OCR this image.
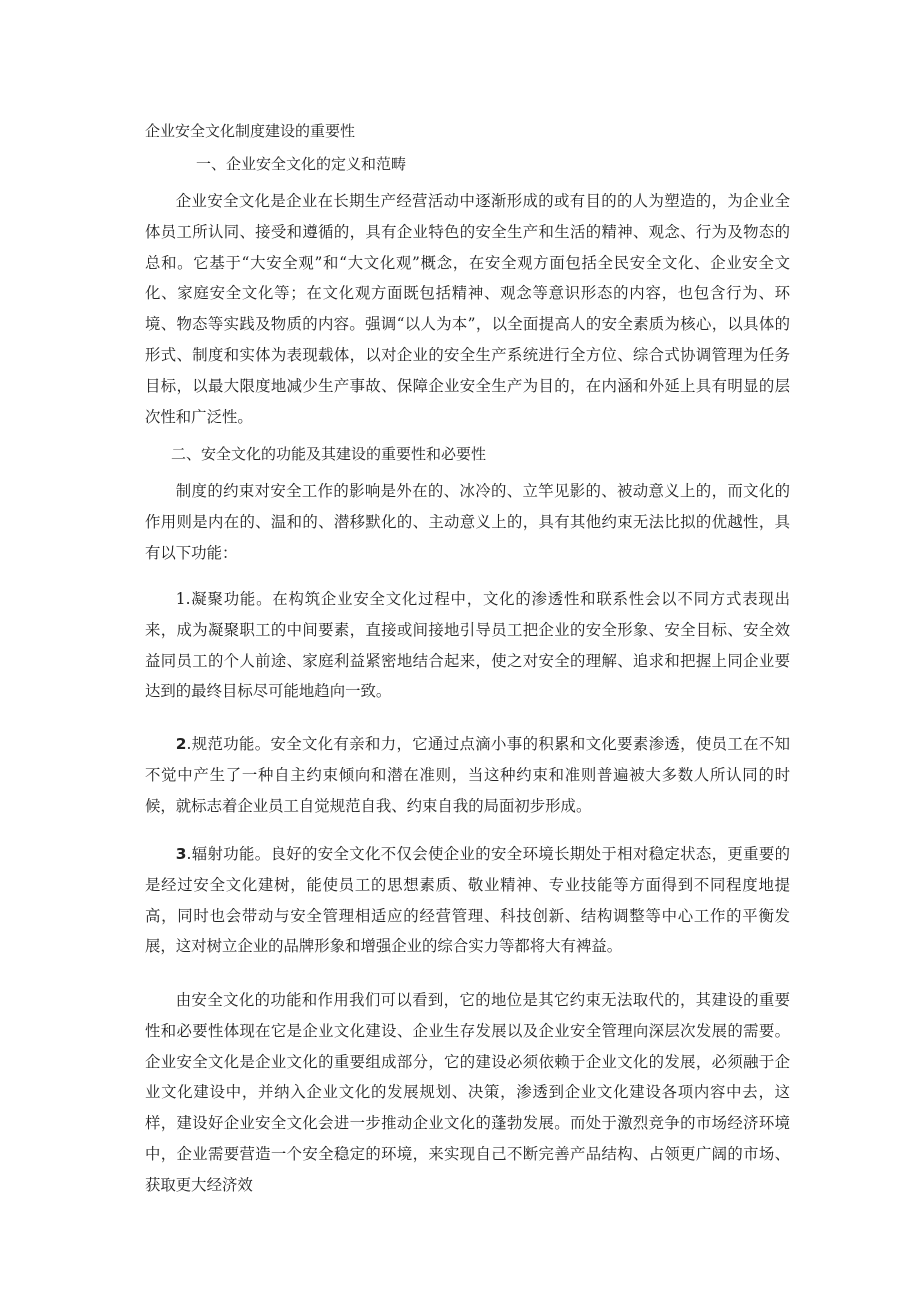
企业安全文化制度建设的重要性
一、企业安全文化的定义和范畴

企业安全文化是企业在长期生产经营活动中逐渐形成的或有目的的人为塑造的，为企业全体员工所认同、接受和遵循的，具有企业特色的安全生产和生活的精神、观念、行为及物态的总和。它基于“大安全观”和“大文化观”概念，在安全观方面包括全民安全文化、企业安全文化、家庭安全文化等；在文化观方面既包括精神、观念等意识形态的内容，也包含行为、环境、物态等实践及物质的内容。强调“以人为本”，以全面提高人的安全素质为核心，以具体的形式、制度和实体为表现载体，以对企业的安全生产系统进行全方位、综合式协调管理为任务目标，以最大限度地减少生产事故、保障企业安全生产为目的，在内涵和外延上具有明显的层次性和广泛性。

二、安全文化的功能及其建设的重要性和必要性

制度的约束对安全工作的影响是外在的、冰冷的、立竿见影的、被动意义上的，而文化的作用则是内在的、温和的、潜移默化的、主动意义上的，具有其他约束无法比拟的优越性，具有以下功能：

1.凝聚功能。在构筑企业安全文化过程中，文化的渗透性和联系性会以不同方式表现出来，成为凝聚职工的中间要素，直接或间接地引导员工把企业的安全形象、安全目标、安全效益同员工的个人前途、家庭利益紧密地结合起来，使之对安全的理解、追求和把握上同企业要达到的最终目标尽可能地趋向一致。

2.规范功能。安全文化有亲和力，它通过点滴小事的积累和文化要素渗透，使员工在不知不觉中产生了一种自主约束倾向和潜在准则，当这种约束和准则普遍被大多数人所认同的时候，就标志着企业员工自觉规范自我、约束自我的局面初步形成。

3.辐射功能。良好的安全文化不仅会使企业的安全环境长期处于相对稳定状态，更重要的是经过安全文化建树，能使员工的思想素质、敬业精神、专业技能等方面得到不同程度地提高，同时也会带动与安全管理相适应的经营管理、科技创新、结构调整等中心工作的平衡发展，这对树立企业的品牌形象和增强企业的综合实力等都将大有裨益。

由安全文化的功能和作用我们可以看到，它的地位是其它约束无法取代的，其建设的重要性和必要性体现在它是企业文化建设、企业生存发展以及企业安全管理向深层次发展的需要。企业安全文化是企业文化的重要组成部分，它的建设必须依赖于企业文化的发展，必须融于企业文化建设中，并纳入企业文化的发展规划、决策，渗透到企业文化建设各项内容中去，这样，建设好企业安全文化会进一步推动企业文化的蓬勃发展。而处于激烈竞争的市场经济环境中，企业需要营造一个安全稳定的环境，来实现自己不断完善产品结构、占领更广阔的市场、获取更大经济效
